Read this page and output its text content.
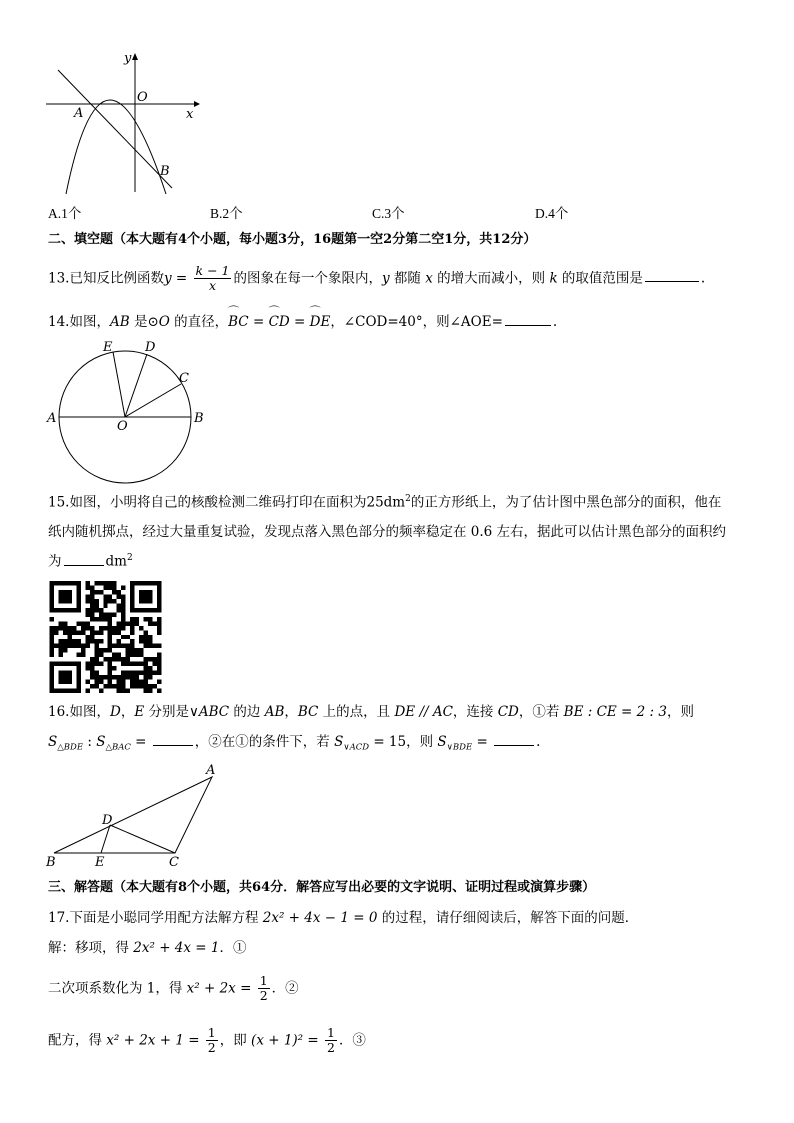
y
x
O
A
B
A.1个	B.2个	C.3个	D.4个
二、填空题（本大题有4个小题，每小题3分，16题第一空2分第二空1分，共12分）
13.已知反比例函数$y = \frac{k - 1}{x}$ 的图象在每一个象限内，y 都随 x 的增大而减小，则 k 的取值范围是	.
14.如图，AB 是⊙O 的直径，⌒ BC = ⌒ CD = ⌒ DE，∠COD=40°，则∠AOE=	.
E	D
C
A
O
B
15.如图，小明将自己的核酸检测二维码打印在面积为$25dm^2$的正方形纸上，为了估计图中黑色部分的面积，他在
纸内随机掷点，经过大量重复试验，发现点落入黑色部分的频率稳定在 0.6 左右，据此可以估计黑色部分的面积约
为	$dm^2$
16.如图，D，E 分别是∨ABC 的边 AB，BC 上的点，且 DE // AC，连接 CD，①若 BE : CE = 2 : 3，则
$S_{\triangle BDE}$ : $S_{\triangle BAC}$ =	，②在①的条件下，若 $S_{\vee ACD} = 15$，则 $S_{\vee BDE}$ =	.
A
D
B	E	C
三、解答题（本大题有8个小题，共64分．解答应写出必要的文字说明、证明过程或演算步骤）
17.下面是小聪同学用配方法解方程 2x² + 4x − 1 = 0 的过程，请仔细阅读后，解答下面的问题．
解：移项，得 2x² + 4x = 1．①
二次项系数化为 1，得 $x^2 + 2x = \frac{1}{2}$ ．②
配方，得 $x^2 + 2x + 1 = \frac{1}{2}$ ，即 $(x + 1)^2 = \frac{1}{2}$ ．③
